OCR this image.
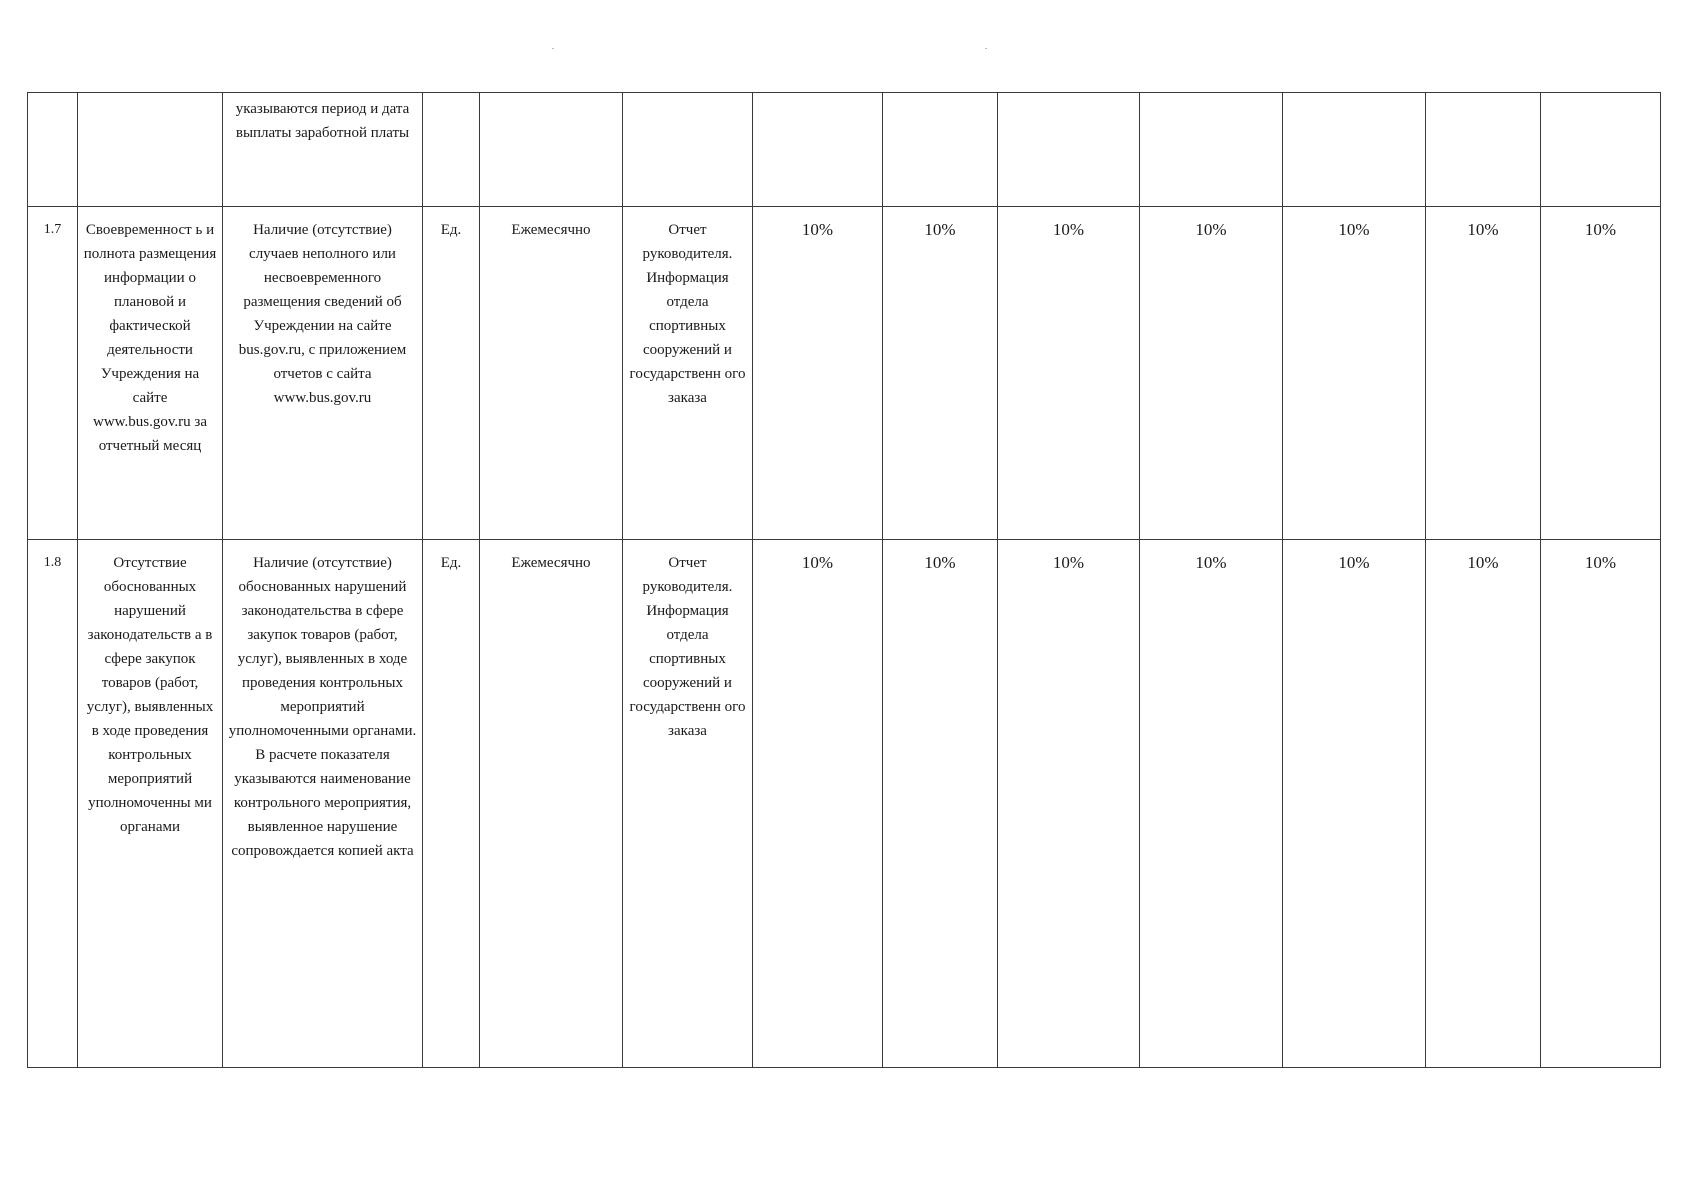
		указываются период и дата выплаты заработной платы										
1.7	Своевременност ь и полнота размещения информации о плановой и фактической деятельности Учреждения на сайте www.bus.gov.ru за отчетный месяц	Наличие (отсутствие) случаев неполного или несвоевременного размещения сведений об Учреждении на сайте bus.gov.ru, с приложением отчетов с сайта www.bus.gov.ru	Ед.	Ежемесячно	Отчет руководителя. Информация отдела спортивных сооружений и государственн ого заказа	10%	10%	10%	10%	10%	10%	10%
1.8	Отсутствие обоснованных нарушений законодательств а в сфере закупок товаров (работ, услуг), выявленных в ходе проведения контрольных мероприятий уполномоченны ми органами	Наличие (отсутствие) обоснованных нарушений законодательства в сфере закупок товаров (работ, услуг), выявленных в ходе проведения контрольных мероприятий уполномоченными органами. В расчете показателя указываются наименование контрольного мероприятия, выявленное нарушение сопровождается копией акта	Ед.	Ежемесячно	Отчет руководителя. Информация отдела спортивных сооружений и государственн ого заказа	10%	10%	10%	10%	10%	10%	10%
